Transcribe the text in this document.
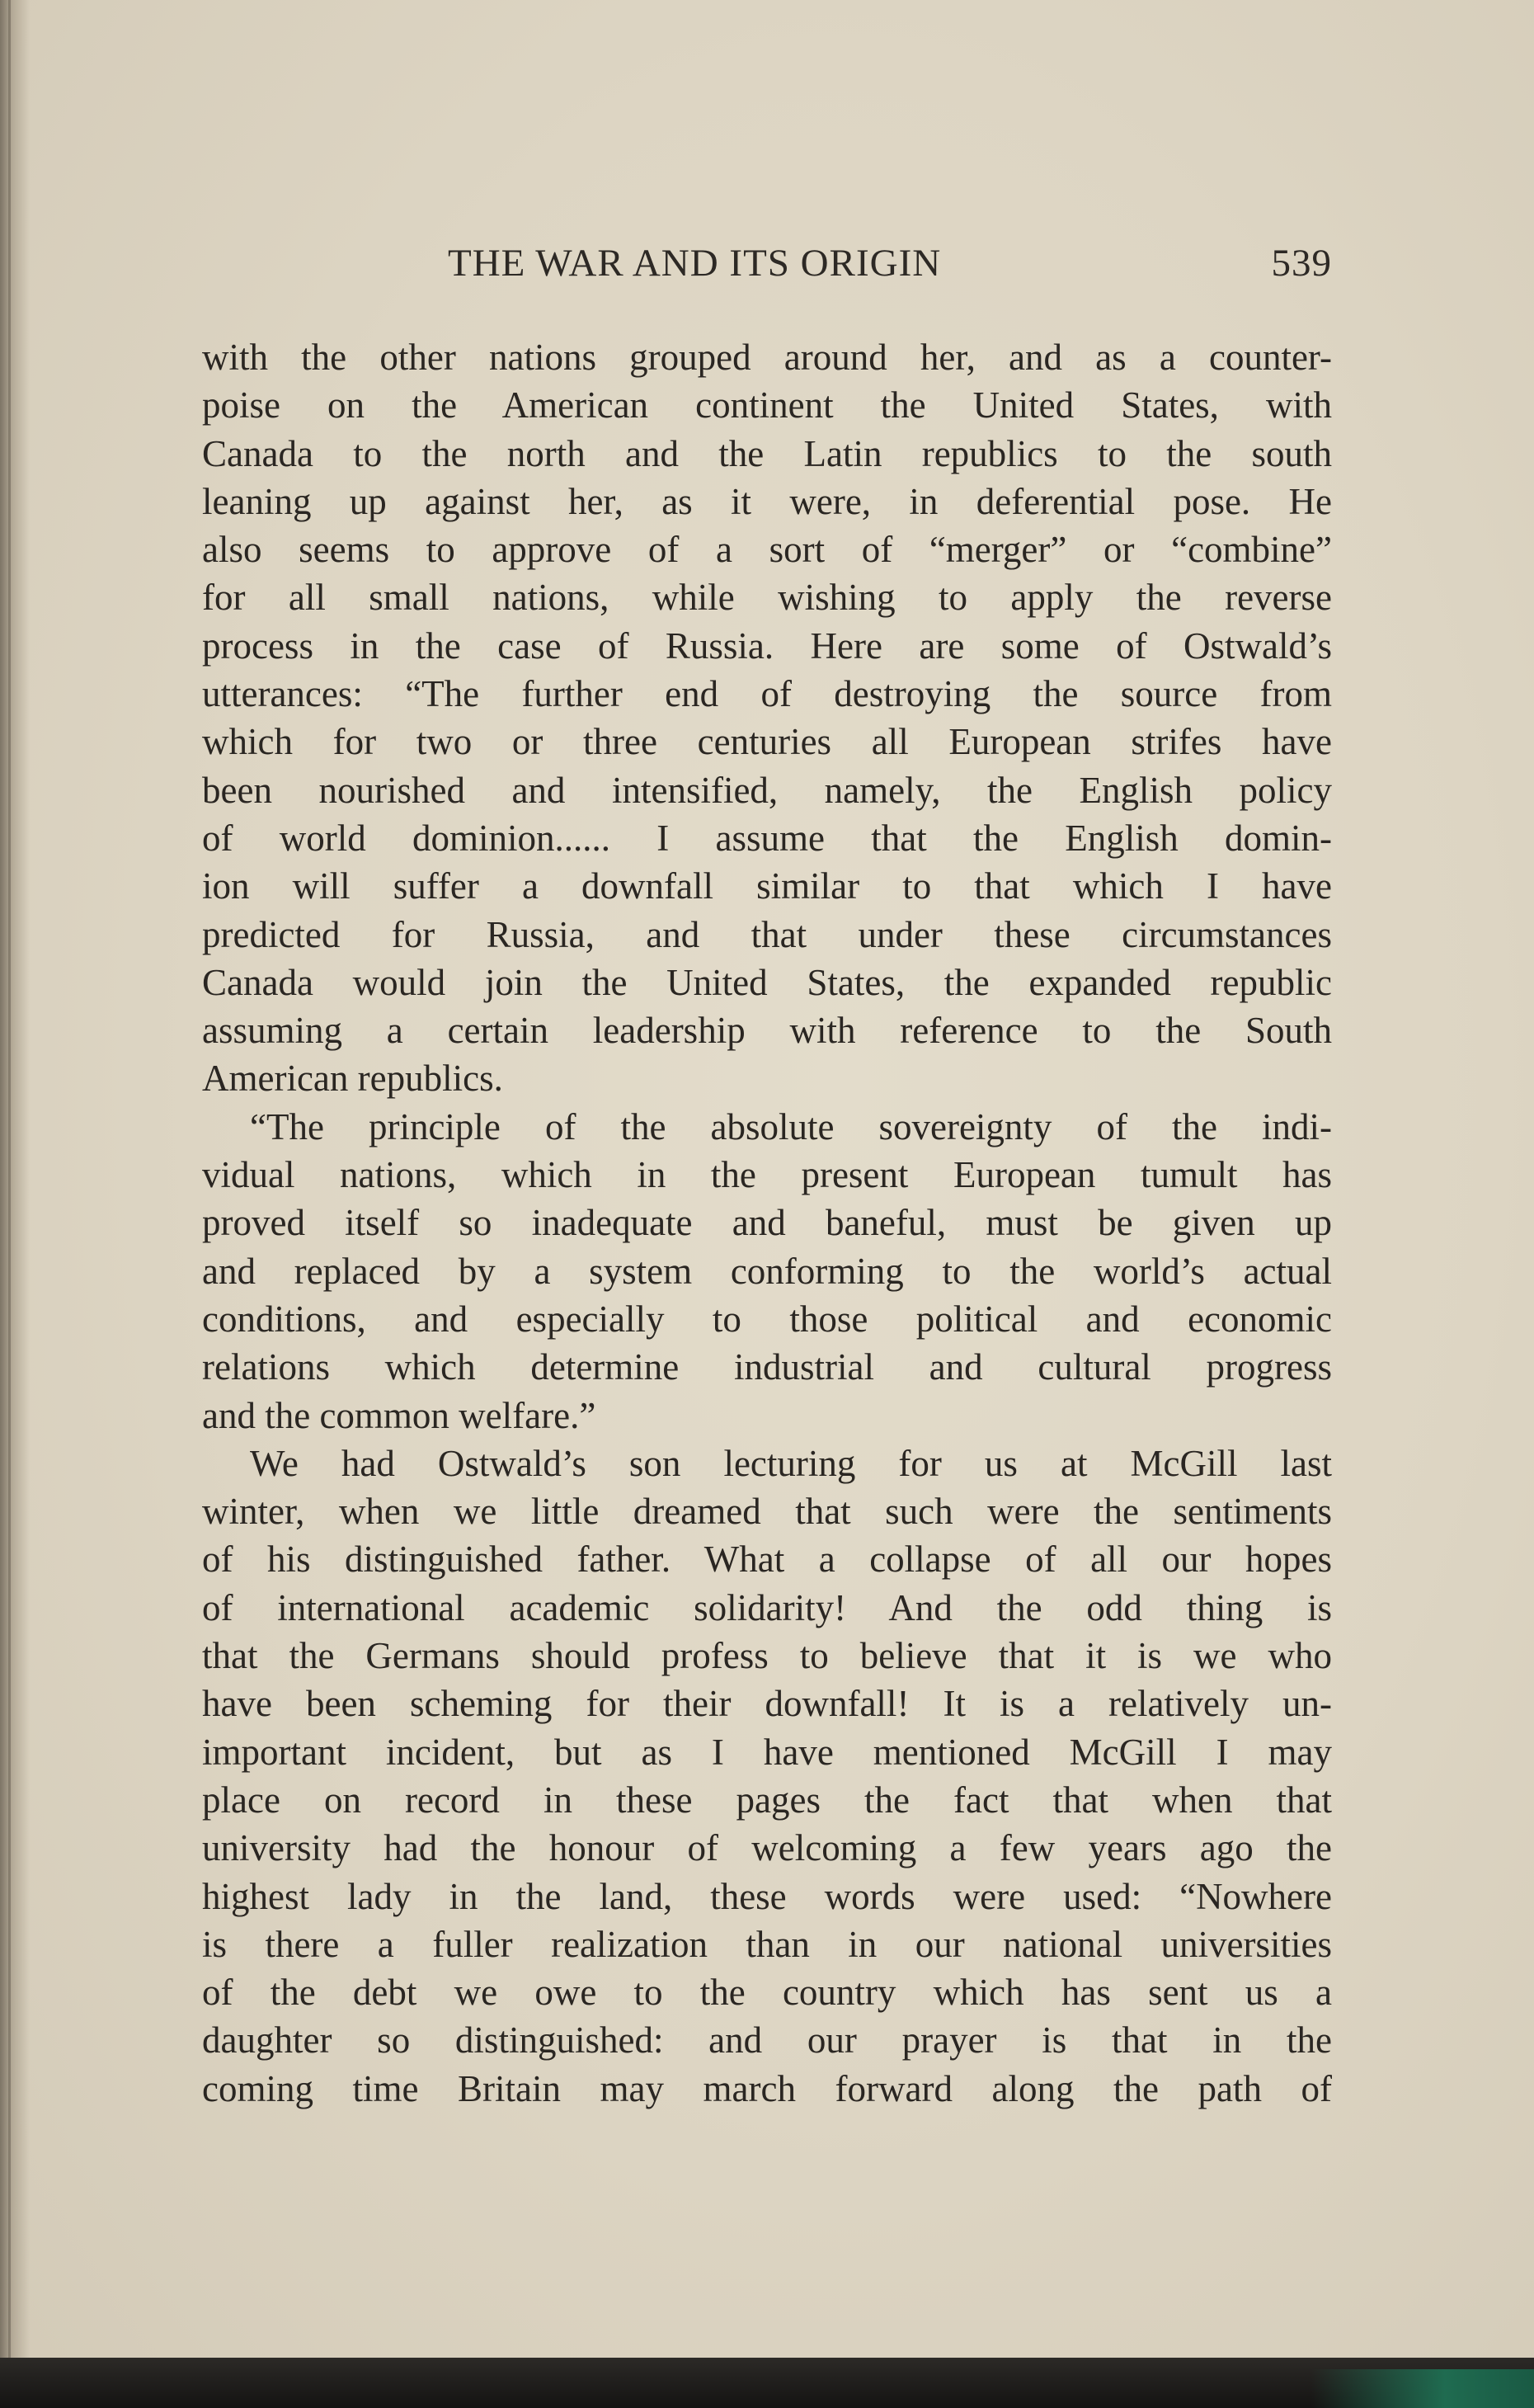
THE WAR AND ITS ORIGIN	539
with the other nations grouped around her, and as a counter-
poise on the American continent the United States, with
Canada to the north and the Latin republics to the south
leaning up against her, as it were, in deferential pose. He
also seems to approve of a sort of “merger” or “combine”
for all small nations, while wishing to apply the reverse
process in the case of Russia. Here are some of Ostwald’s
utterances: “The further end of destroying the source from
which for two or three centuries all European strifes have
been nourished and intensified, namely, the English policy
of world dominion...... I assume that the English domin-
ion will suffer a downfall similar to that which I have
predicted for Russia, and that under these circumstances
Canada would join the United States, the expanded republic
assuming a certain leadership with reference to the South
American republics.
“The principle of the absolute sovereignty of the indi-
vidual nations, which in the present European tumult has
proved itself so inadequate and baneful, must be given up
and replaced by a system conforming to the world’s actual
conditions, and especially to those political and economic
relations which determine industrial and cultural progress
and the common welfare.”
We had Ostwald’s son lecturing for us at McGill last
winter, when we little dreamed that such were the sentiments
of his distinguished father. What a collapse of all our hopes
of international academic solidarity! And the odd thing is
that the Germans should profess to believe that it is we who
have been scheming for their downfall! It is a relatively un-
important incident, but as I have mentioned McGill I may
place on record in these pages the fact that when that
university had the honour of welcoming a few years ago the
highest lady in the land, these words were used: “Nowhere
is there a fuller realization than in our national universities
of the debt we owe to the country which has sent us a
daughter so distinguished: and our prayer is that in the
coming time Britain may march forward along the path of
